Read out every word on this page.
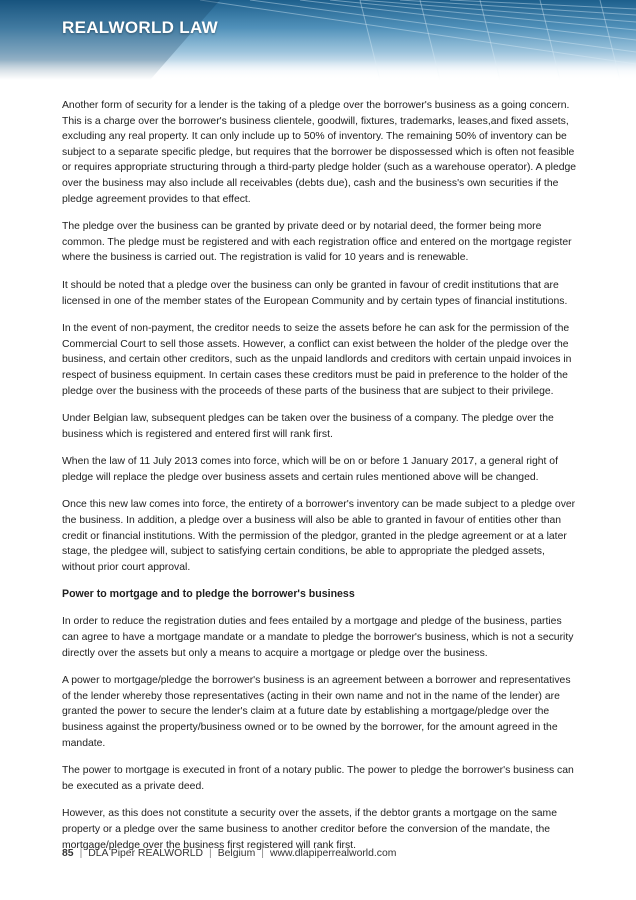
REALWORLD LAW

Another form of security for a lender is the taking of a pledge over the borrower's business as a going concern. This is a charge over the borrower's business clientele, goodwill, fixtures, trademarks, leases,and fixed assets, excluding any real property. It can only include up to 50% of inventory. The remaining 50% of inventory can be subject to a separate specific pledge, but requires that the borrower be dispossessed which is often not feasible or requires appropriate structuring through a third-party pledge holder (such as a warehouse operator). A pledge over the business may also include all receivables (debts due), cash and the business's own securities if the pledge agreement provides to that effect.

The pledge over the business can be granted by private deed or by notarial deed, the former being more common. The pledge must be registered and with each registration office and entered on the mortgage register where the business is carried out. The registration is valid for 10 years and is renewable.

It should be noted that a pledge over the business can only be granted in favour of credit institutions that are licensed in one of the member states of the European Community and by certain types of financial institutions.

In the event of non-payment, the creditor needs to seize the assets before he can ask for the permission of the Commercial Court to sell those assets. However, a conflict can exist between the holder of the pledge over the business, and certain other creditors, such as the unpaid landlords and creditors with certain unpaid invoices in respect of business equipment. In certain cases these creditors must be paid in preference to the holder of the pledge over the business with the proceeds of these parts of the business that are subject to their privilege.

Under Belgian law, subsequent pledges can be taken over the business of a company. The pledge over the business which is registered and entered first will rank first.

When the law of 11 July 2013 comes into force, which will be on or before 1 January 2017, a general right of pledge will replace the pledge over business assets and certain rules mentioned above will be changed.

Once this new law comes into force, the entirety of a borrower's inventory can be made subject to a pledge over the business. In addition, a pledge over a business will also be able to granted in favour of entities other than credit or financial institutions. With the permission of the pledgor, granted in the pledge agreement or at a later stage, the pledgee will, subject to satisfying certain conditions, be able to appropriate the pledged assets, without prior court approval.

Power to mortgage and to pledge the borrower's business

In order to reduce the registration duties and fees entailed by a mortgage and pledge of the business, parties can agree to have a mortgage mandate or a mandate to pledge the borrower's business, which is not a security directly over the assets but only a means to acquire a mortgage or pledge over the business.

A power to mortgage/pledge the borrower's business is an agreement between a borrower and representatives of the lender whereby those representatives (acting in their own name and not in the name of the lender) are granted the power to secure the lender's claim at a future date by establishing a mortgage/pledge over the business against the property/business owned or to be owned by the borrower, for the amount agreed in the mandate.

The power to mortgage is executed in front of a notary public. The power to pledge the borrower's business can be executed as a private deed.

However, as this does not constitute a security over the assets, if the debtor grants a mortgage on the same property or a pledge over the same business to another creditor before the conversion of the mandate, the mortgage/pledge over the business first registered will rank first.

85 | DLA Piper REALWORLD | Belgium | www.dlapiperrealworld.com
